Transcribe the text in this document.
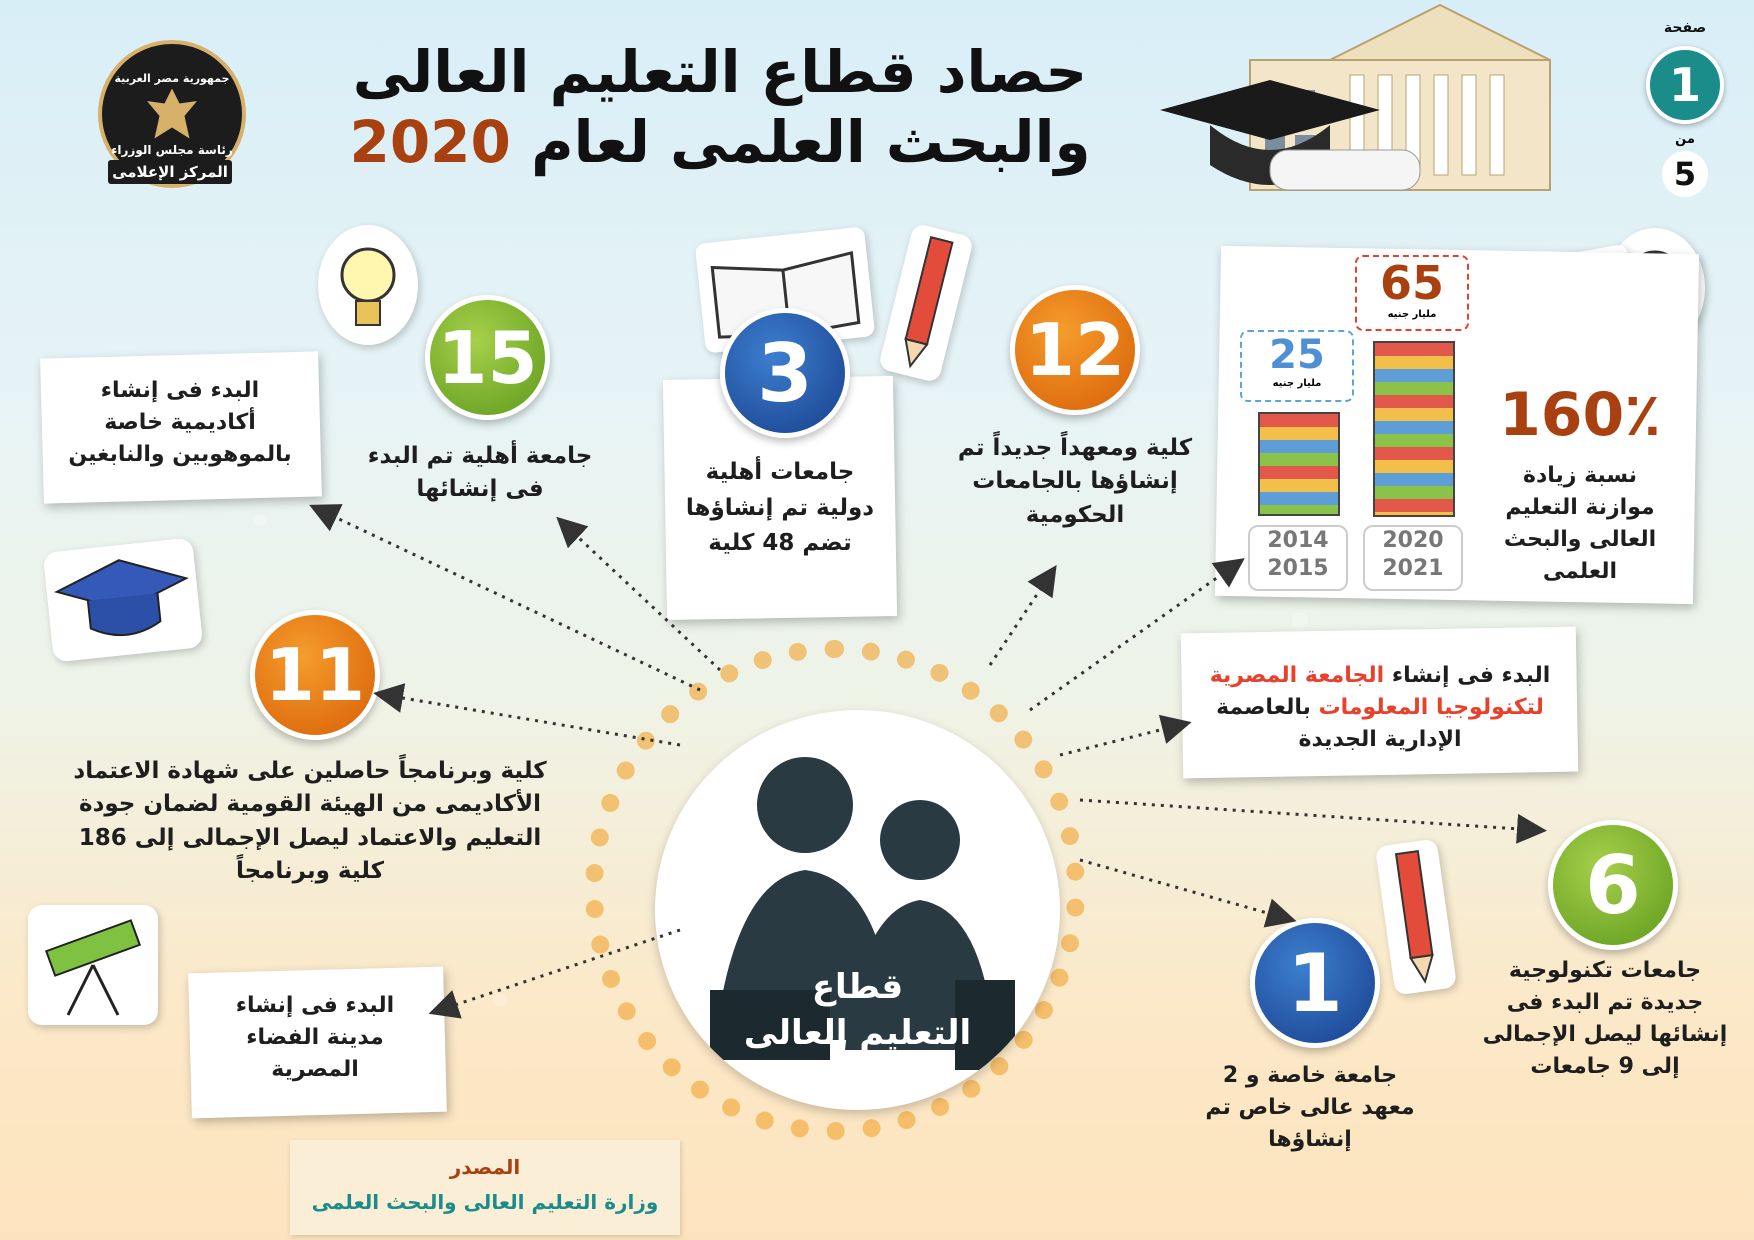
جمهورية مصر العربية
رئاسة مجلس الوزراء
المركز الإعلامى
حصاد قطاع التعليم العالى
والبحث العلمى لعام 2020
صفحة
1
من
5
15
جامعة أهلية تم البدء فى إنشائها
3
جامعات أهلية دولية تم إنشاؤها تضم 48 كلية
12
كلية ومعهداً جديداً تم إنشاؤها بالجامعات الحكومية
البدء فى إنشاء أكاديمية خاصة بالموهوبين والنابغين
160٪
نسبة زيادة موازنة التعليم العالى والبحث العلمى
25
مليار جنيه
2014
2015
65
مليار جنيه
2020
2021
11
كلية وبرنامجاً حاصلين على شهادة الاعتماد الأكاديمى من الهيئة القومية لضمان جودة التعليم والاعتماد ليصل الإجمالى إلى 186 كلية وبرنامجاً
البدء فى إنشاء الجامعة المصرية لتكنولوجيا المعلومات بالعاصمة الإدارية الجديدة
قطاع
التعليم العالى
البدء فى إنشاء مدينة الفضاء المصرية
1
جامعة خاصة و 2 معهد عالى خاص تم إنشاؤها
6
جامعات تكنولوجية جديدة تم البدء فى إنشائها ليصل الإجمالى إلى 9 جامعات
المصدر
وزارة التعليم العالى والبحث العلمى
